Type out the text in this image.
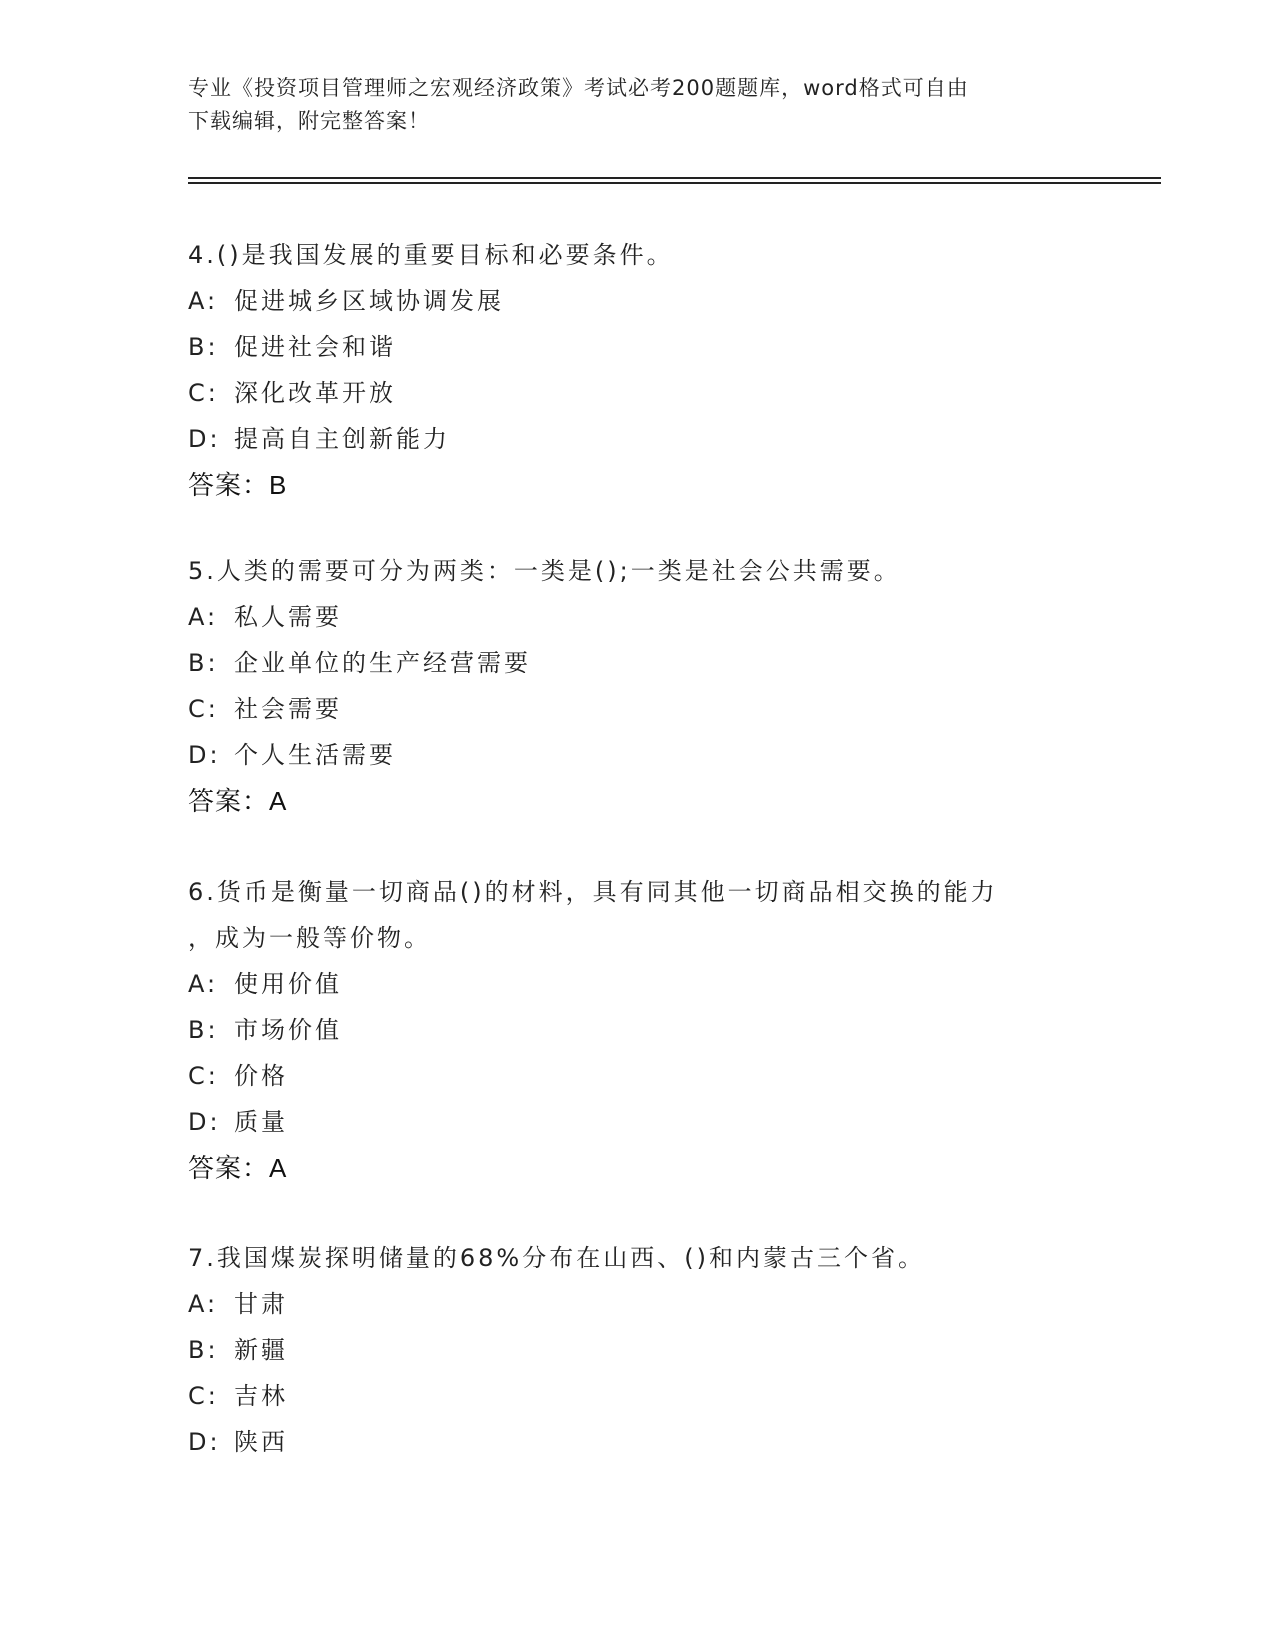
专业《投资项目管理师之宏观经济政策》考试必考200题题库，word格式可自由
下载编辑，附完整答案！
4.()是我国发展的重要目标和必要条件。
A: 促进城乡区域协调发展
B: 促进社会和谐
C: 深化改革开放
D: 提高自主创新能力
答案：B
5.人类的需要可分为两类：一类是();一类是社会公共需要。
A: 私人需要
B: 企业单位的生产经营需要
C: 社会需要
D: 个人生活需要
答案：A
6.货币是衡量一切商品()的材料，具有同其他一切商品相交换的能力
，成为一般等价物。
A: 使用价值
B: 市场价值
C: 价格
D: 质量
答案：A
7.我国煤炭探明储量的68%分布在山西、()和内蒙古三个省。
A: 甘肃
B: 新疆
C: 吉林
D: 陕西
